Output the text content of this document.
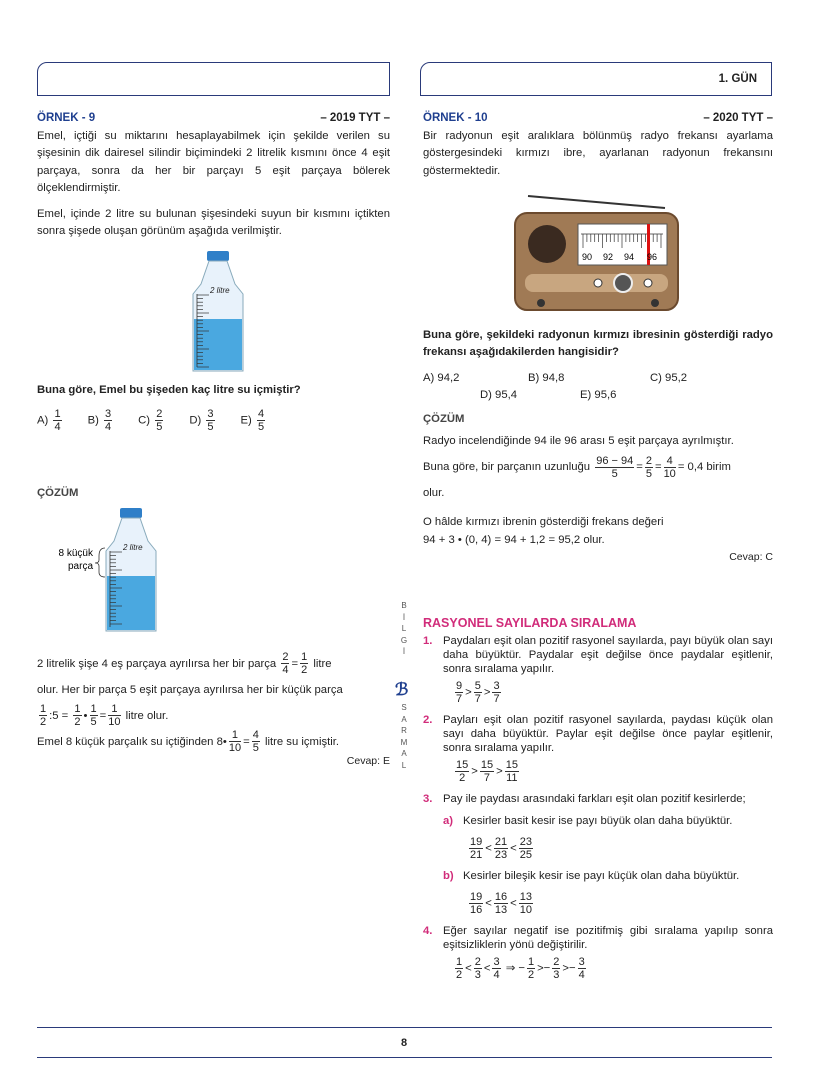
1. GÜN
ÖRNEK - 9	– 2019 TYT –

Emel, içtiği su miktarını hesaplayabilmek için şekilde verilen su şişesinin dik dairesel silindir biçimindeki 2 litrelik kısmını önce 4 eşit parçaya, sonra da her bir parçayı 5 eşit parçaya bölerek ölçeklendirmiştir.

Emel, içinde 2 litre su bulunan şişesindeki suyun bir kısmını içtikten sonra şişede oluşan görünüm aşağıda verilmiştir.

2 litre

Buna göre, Emel bu şişeden kaç litre su içmiştir?

$A) \frac{1}{4} B) \frac{3}{4} C) \frac{2}{5} D) \frac{3}{5} E) \frac{4}{5}$
ÇÖZÜM
2 litre
8 küçük
parça
2 litrelik şişe 4 eş parçaya ayrılırsa her bir parça $\frac{2}{4} = \frac{1}{2}$ litre
olur. Her bir parça 5 eşit parçaya ayrılırsa her bir küçük parça
$\frac{1}{2}$ :5 = $\frac{1}{2}$ • $\frac{1}{5} = \frac{1}{10}$ litre olur.
Emel 8 küçük parçalık su içtiğinden 8• $\frac{1}{10} = \frac{4}{5}$ litre su içmiştir.
Cevap: E
B
İ
L
G
İ
ℬ
S
A
R
M
A
L
ÖRNEK - 10	– 2020 TYT –

Bir radyonun eşit aralıklara bölünmüş radyo frekansı ayarlama göstergesindeki kırmızı ibre, ayarlanan radyonun frekansını göstermektedir.

90 92 94 96

Buna göre, şekildeki radyonun kırmızı ibresinin gösterdiği radyo frekansı aşağıdakilerden hangisidir?

A) 94,2	B) 94,8	C) 95,2
D) 95,4	E) 95,6
ÇÖZÜM
Radyo incelendiğinde 94 ile 96 arası 5 eşit parçaya ayrılmıştır.
Buna göre, bir parçanın uzunluğu $\frac{96 - 94}{5} = \frac{2}{5} = \frac{4}{10} = 0,4$ birim
olur.
O hâlde kırmızı ibrenin gösterdiği frekans değeri
94 + 3 • (0, 4) = 94 + 1,2 = 95,2 olur.
Cevap: C
RASYONEL SAYILARDA SIRALAMA
1. Paydaları eşit olan pozitif rasyonel sayılarda, payı büyük olan sayı daha büyüktür. Paydalar eşit değilse önce paydalar eşitlenir, sonra sıralama yapılır.
$\frac{9}{7} > \frac{5}{7} > \frac{3}{7}$
2. Payları eşit olan pozitif rasyonel sayılarda, paydası küçük olan sayı daha büyüktür. Paylar eşit değilse önce paylar eşitlenir, sonra sıralama yapılır.
$\frac{15}{2} > \frac{15}{7} > \frac{15}{11}$
3. Pay ile paydası arasındaki farkları eşit olan pozitif kesirlerde;
a) Kesirler basit kesir ise payı büyük olan daha büyüktür.
$\frac{19}{21} < \frac{21}{23} < \frac{23}{25}$
b) Kesirler bileşik kesir ise payı küçük olan daha büyüktür.
$\frac{19}{16} < \frac{16}{13} < \frac{13}{10}$
4. Eğer sayılar negatif ise pozitifmiş gibi sıralama yapılıp sonra eşitsizliklerin yönü değiştirilir.
$\frac{1}{2} < \frac{2}{3} < \frac{3}{4}$ ⇒ − $\frac{1}{2} >- \frac{2}{3} >- \frac{3}{4}$
8
